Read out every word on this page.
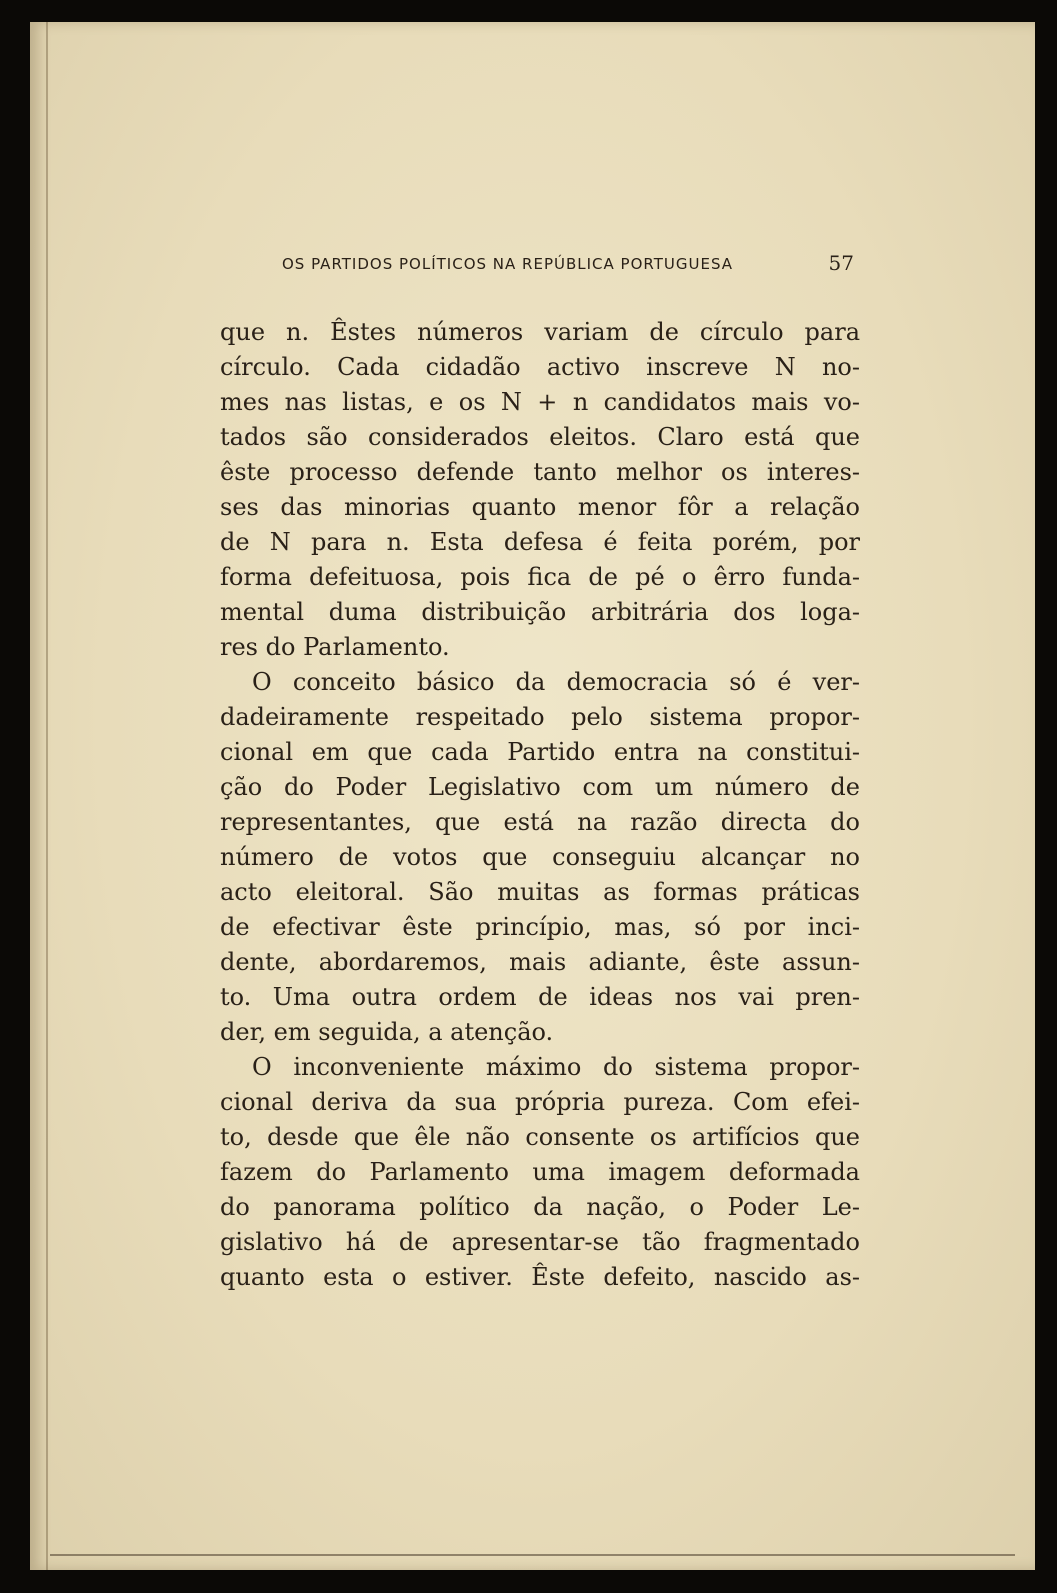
OS PARTIDOS POLÍTICOS NA REPÚBLICA PORTUGUESA	57
que n. Êstes números variam de círculo para
círculo. Cada cidadão activo inscreve N no-
mes nas listas, e os N + n candidatos mais vo-
tados são considerados eleitos. Claro está que
êste processo defende tanto melhor os interes-
ses das minorias quanto menor fôr a relação
de N para n. Esta defesa é feita porém, por
forma defeituosa, pois fica de pé o êrro funda-
mental duma distribuição arbitrária dos loga-
res do Parlamento.
O conceito básico da democracia só é ver-
dadeiramente respeitado pelo sistema propor-
cional em que cada Partido entra na constitui-
ção do Poder Legislativo com um número de
representantes, que está na razão directa do
número de votos que conseguiu alcançar no
acto eleitoral. São muitas as formas práticas
de efectivar êste princípio, mas, só por inci-
dente, abordaremos, mais adiante, êste assun-
to. Uma outra ordem de ideas nos vai pren-
der, em seguida, a atenção.
O inconveniente máximo do sistema propor-
cional deriva da sua própria pureza. Com efei-
to, desde que êle não consente os artifícios que
fazem do Parlamento uma imagem deformada
do panorama político da nação, o Poder Le-
gislativo há de apresentar-se tão fragmentado
quanto esta o estiver. Êste defeito, nascido as-
